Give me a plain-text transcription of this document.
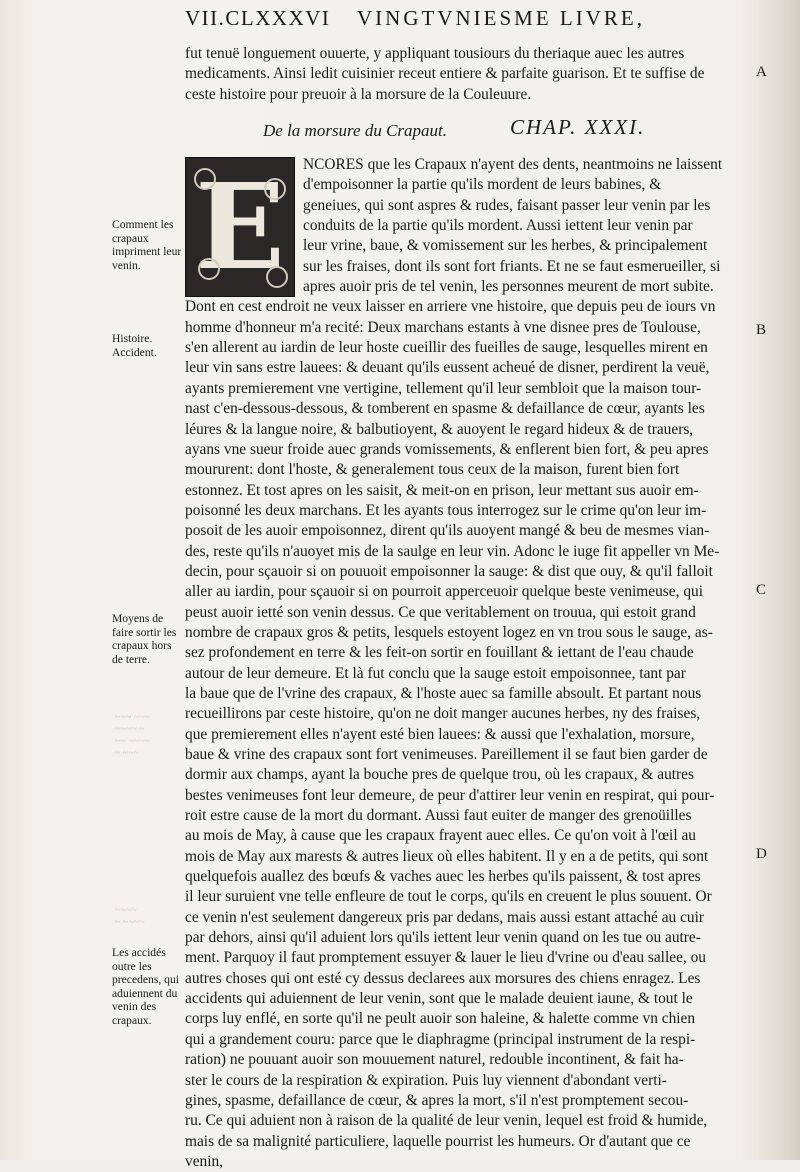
VII.CLXXXVI VINGTVNIESME LIVRE,
~~~ ~~~
~~~~ ~
~~ ~~~~
~ ~~~
~~~~
~ ~~~~
fut tenuë longuement ouuerte, y appliquant tousiours du theriaque auec les autres
medicaments. Ainsi ledit cuisinier receut entiere & parfaite guarison. Et te suffise de
ceste histoire pour preuoir à la morsure de la Couleuure.
De la morsure du Crapaut.	CHAP. XXXI.
E	NCORES que les Crapaux n'ayent des dents, neantmoins ne laissent
d'empoisonner la partie qu'ils mordent de leurs babines, &
geneiues, qui sont aspres & rudes, faisant passer leur venin par les
conduits de la partie qu'ils mordent. Aussi iettent leur venin par
leur vrine, baue, & vomissement sur les herbes, & principalement
sur les fraises, dont ils sont fort friants. Et ne se faut esmerueiller, si
apres auoir pris de tel venin, les personnes meurent de mort subite.
Dont en cest endroit ne veux laisser en arriere vne histoire, que depuis peu de iours vn
homme d'honneur m'a recité: Deux marchans estants à vne disnee pres de Toulouse,
s'en allerent au iardin de leur hoste cueillir des fueilles de sauge, lesquelles mirent en
leur vin sans estre lauees: & deuant qu'ils eussent acheué de disner, perdirent la veuë,
ayants premierement vne vertigine, tellement qu'il leur sembloit que la maison tour-
nast c'en-dessous-dessous, & tomberent en spasme & defaillance de cœur, ayants les
léures & la langue noire, & balbutioyent, & auoyent le regard hideux & de trauers,
ayans vne sueur froide auec grands vomissements, & enflerent bien fort, & peu apres
moururent: dont l'hoste, & generalement tous ceux de la maison, furent bien fort
estonnez. Et tost apres on les saisit, & meit-on en prison, leur mettant sus auoir em-
poisonné les deux marchans. Et les ayants tous interrogez sur le crime qu'on leur im-
posoit de les auoir empoisonnez, dirent qu'ils auoyent mangé & beu de mesmes vian-
des, reste qu'ils n'auoyet mis de la saulge en leur vin. Adonc le iuge fit appeller vn Me-
decin, pour sçauoir si on pouuoit empoisonner la sauge: & dist que ouy, & qu'il falloit
aller au iardin, pour sçauoir si on pourroit apperceuoir quelque beste venimeuse, qui
peust auoir ietté son venin dessus. Ce que veritablement on trouua, qui estoit grand
nombre de crapaux gros & petits, lesquels estoyent logez en vn trou sous le sauge, as-
sez profondement en terre & les feit-on sortir en fouillant & iettant de l'eau chaude
autour de leur demeure. Et là fut conclu que la sauge estoit empoisonnee, tant par
la baue que de l'vrine des crapaux, & l'hoste auec sa famille absoult. Et partant nous
recueillirons par ceste histoire, qu'on ne doit manger aucunes herbes, ny des fraises,
que premierement elles n'ayent esté bien lauees: & aussi que l'exhalation, morsure,
baue & vrine des crapaux sont fort venimeuses. Pareillement il se faut bien garder de
dormir aux champs, ayant la bouche pres de quelque trou, où les crapaux, & autres
bestes venimeuses font leur demeure, de peur d'attirer leur venin en respirat, qui pour-
roit estre cause de la mort du dormant. Aussi faut euiter de manger des grenoüilles
au mois de May, à cause que les crapaux frayent auec elles. Ce qu'on voit à l'œil au
mois de May aux marests & autres lieux où elles habitent. Il y en a de petits, qui sont
quelquefois auallez des bœufs & vaches auec les herbes qu'ils paissent, & tost apres
il leur suruient vne telle enfleure de tout le corps, qu'ils en creuent le plus souuent. Or
ce venin n'est seulement dangereux pris par dedans, mais aussi estant attaché au cuir
par dehors, ainsi qu'il aduient lors qu'ils iettent leur venin quand on les tue ou autre-
ment. Parquoy il faut promptement essuyer & lauer le lieu d'vrine ou d'eau sallee, ou
autres choses qui ont esté cy dessus declarees aux morsures des chiens enragez. Les
accidents qui aduiennent de leur venin, sont que le malade deuient iaune, & tout le
corps luy enflé, en sorte qu'il ne peult auoir son haleine, & halette comme vn chien
qui a grandement couru: parce que le diaphragme (principal instrument de la respi-
ration) ne pouuant auoir son mouuement naturel, redouble incontinent, & fait ha-
ster le cours de la respiration & expiration. Puis luy viennent d'abondant verti-
gines, spasme, defaillance de cœur, & apres la mort, s'il n'est promptement secou-
ru. Ce qui aduient non à raison de la qualité de leur venin, lequel est froid & humide,
mais de sa malignité particuliere, laquelle pourrist les humeurs. Or d'autant que ce
venin,
Comment les crapaux impriment leur venin.
Histoire. Accident.
Moyens de faire sortir les crapaux hors de terre.
Les accidés outre les precedens, qui aduiennent du venin des crapaux.
A
B
C
D
